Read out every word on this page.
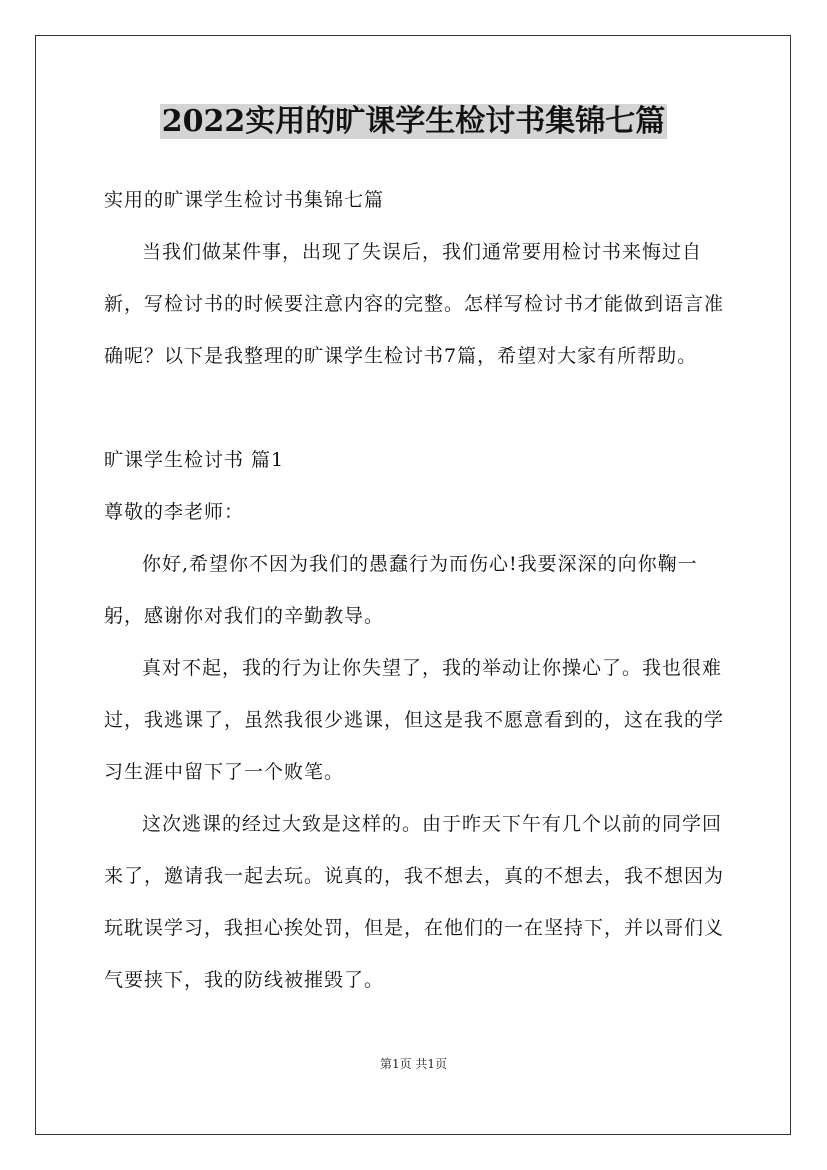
2022实用的旷课学生检讨书集锦七篇

实用的旷课学生检讨书集锦七篇

当我们做某件事，出现了失误后，我们通常要用检讨书来悔过自新，写检讨书的时候要注意内容的完整。怎样写检讨书才能做到语言准确呢？以下是我整理的旷课学生检讨书7篇，希望对大家有所帮助。

旷课学生检讨书 篇1

尊敬的李老师：

你好,希望你不因为我们的愚蠢行为而伤心!我要深深的向你鞠一躬，感谢你对我们的辛勤教导。

真对不起，我的行为让你失望了，我的举动让你操心了。我也很难过，我逃课了，虽然我很少逃课，但这是我不愿意看到的，这在我的学习生涯中留下了一个败笔。

这次逃课的经过大致是这样的。由于昨天下午有几个以前的同学回来了，邀请我一起去玩。说真的，我不想去，真的不想去，我不想因为玩耽误学习，我担心挨处罚，但是，在他们的一在坚持下，并以哥们义气要挟下，我的防线被摧毁了。

第1页 共1页
